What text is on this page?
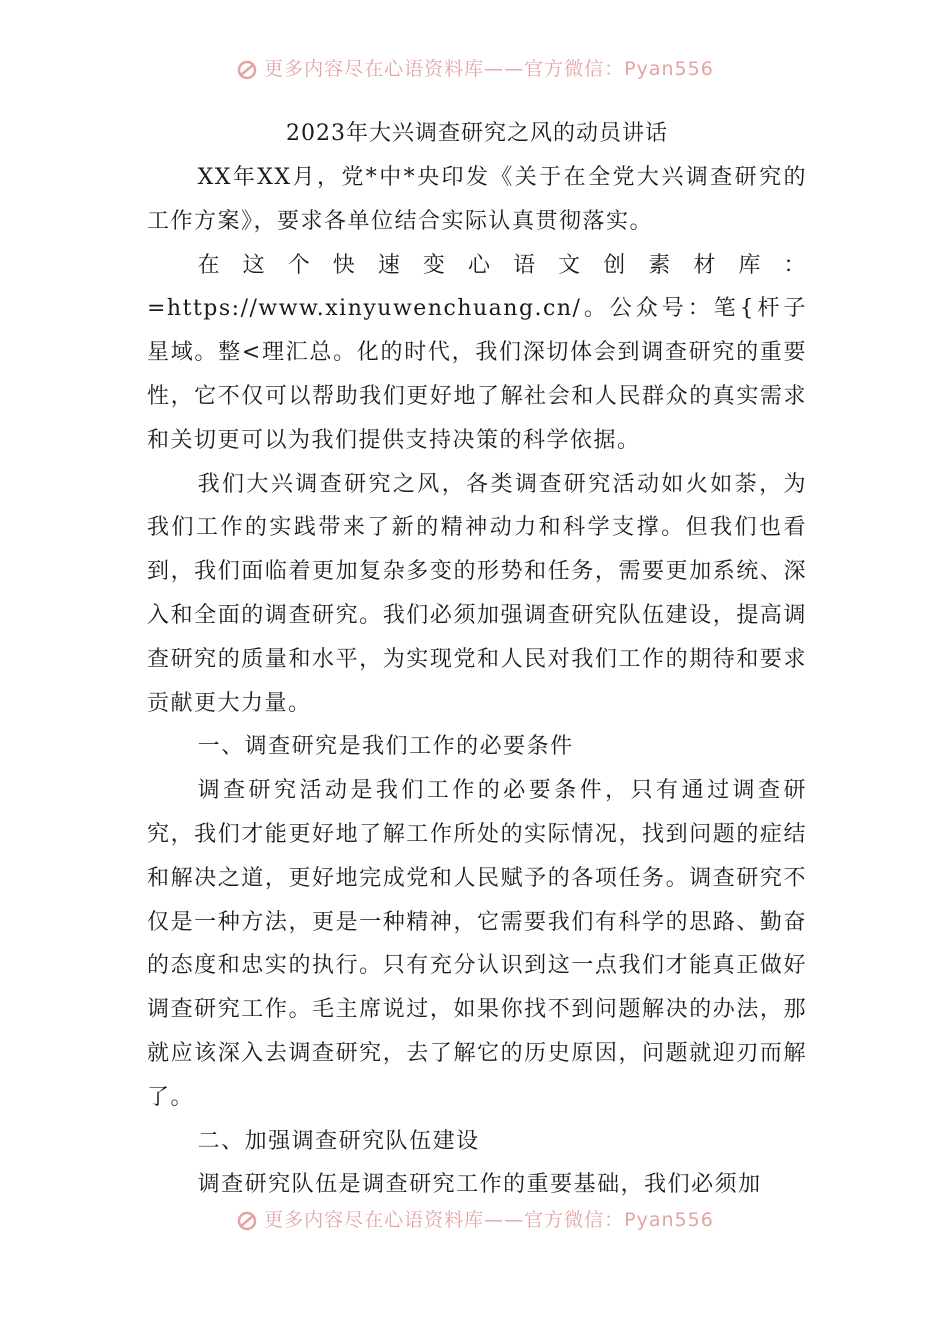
更多内容尽在心语资料库——官方微信：Pyan556
2023年大兴调查研究之风的动员讲话

XX年XX月，党*中*央印发《关于在全党大兴调查研究的工作方案》，要求各单位结合实际认真贯彻落实。

在这个快速变心语文创素材库：=https://www.xinyuwenchuang.cn/。公众号：笔{杆子星域。整<理汇总。化的时代，我们深切体会到调查研究的重要性，它不仅可以帮助我们更好地了解社会和人民群众的真实需求和关切更可以为我们提供支持决策的科学依据。

我们大兴调查研究之风，各类调查研究活动如火如荼，为我们工作的实践带来了新的精神动力和科学支撑。但我们也看到，我们面临着更加复杂多变的形势和任务，需要更加系统、深入和全面的调查研究。我们必须加强调查研究队伍建设，提高调查研究的质量和水平，为实现党和人民对我们工作的期待和要求贡献更大力量。

一、调查研究是我们工作的必要条件

调查研究活动是我们工作的必要条件，只有通过调查研究，我们才能更好地了解工作所处的实际情况，找到问题的症结和解决之道，更好地完成党和人民赋予的各项任务。调查研究不仅是一种方法，更是一种精神，它需要我们有科学的思路、勤奋的态度和忠实的执行。只有充分认识到这一点我们才能真正做好调查研究工作。毛主席说过，如果你找不到问题解决的办法，那就应该深入去调查研究，去了解它的历史原因，问题就迎刃而解了。

二、加强调查研究队伍建设

调查研究队伍是调查研究工作的重要基础，我们必须加

更多内容尽在心语资料库——官方微信：Pyan556
